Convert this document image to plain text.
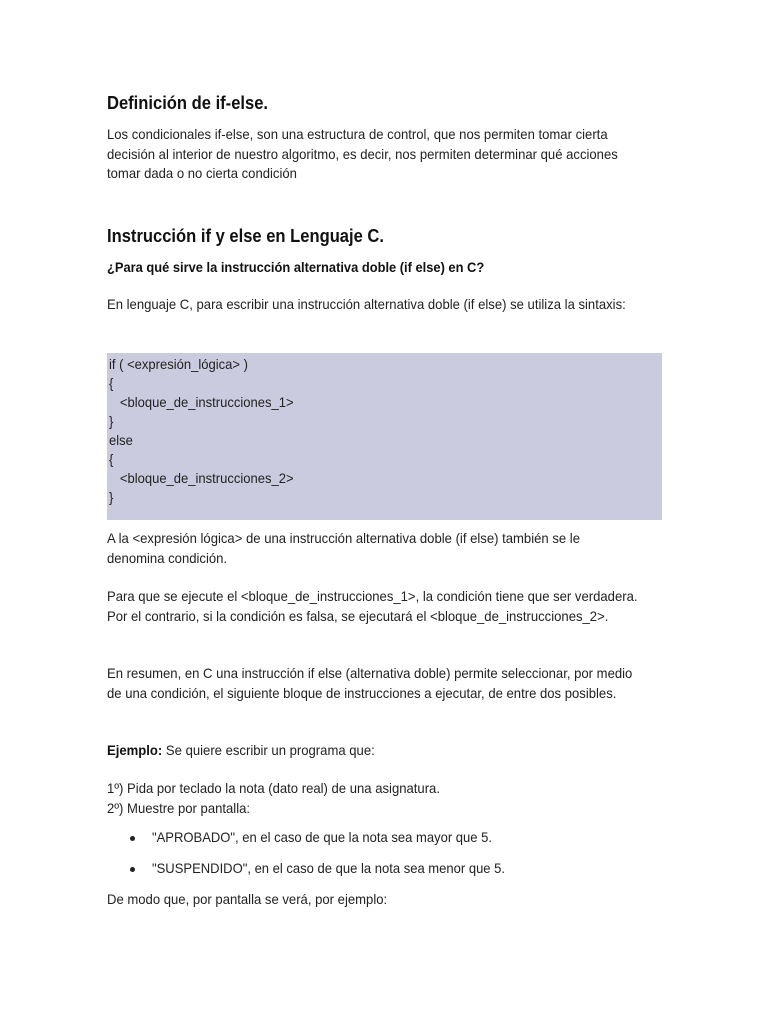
Definición de if-else.
Los condicionales if-else, son una estructura de control, que nos permiten tomar cierta decisión al interior de nuestro algoritmo, es decir, nos permiten determinar qué acciones tomar dada o no cierta condición
Instrucción if y else en Lenguaje C.
¿Para qué sirve la instrucción alternativa doble (if else) en C?
En lenguaje C, para escribir una instrucción alternativa doble (if else) se utiliza la sintaxis:
if ( <expresión_lógica> )
{
<bloque_de_instrucciones_1>
}
else
{
<bloque_de_instrucciones_2>
}
A la <expresión lógica> de una instrucción alternativa doble (if else) también se le denomina condición.
Para que se ejecute el <bloque_de_instrucciones_1>, la condición tiene que ser verdadera. Por el contrario, si la condición es falsa, se ejecutará el <bloque_de_instrucciones_2>.
En resumen, en C una instrucción if else (alternativa doble) permite seleccionar, por medio de una condición, el siguiente bloque de instrucciones a ejecutar, de entre dos posibles.
Ejemplo: Se quiere escribir un programa que:
1º) Pida por teclado la nota (dato real) de una asignatura.
2º) Muestre por pantalla:
"APROBADO", en el caso de que la nota sea mayor que 5.
"SUSPENDIDO", en el caso de que la nota sea menor que 5.
De modo que, por pantalla se verá, por ejemplo:
